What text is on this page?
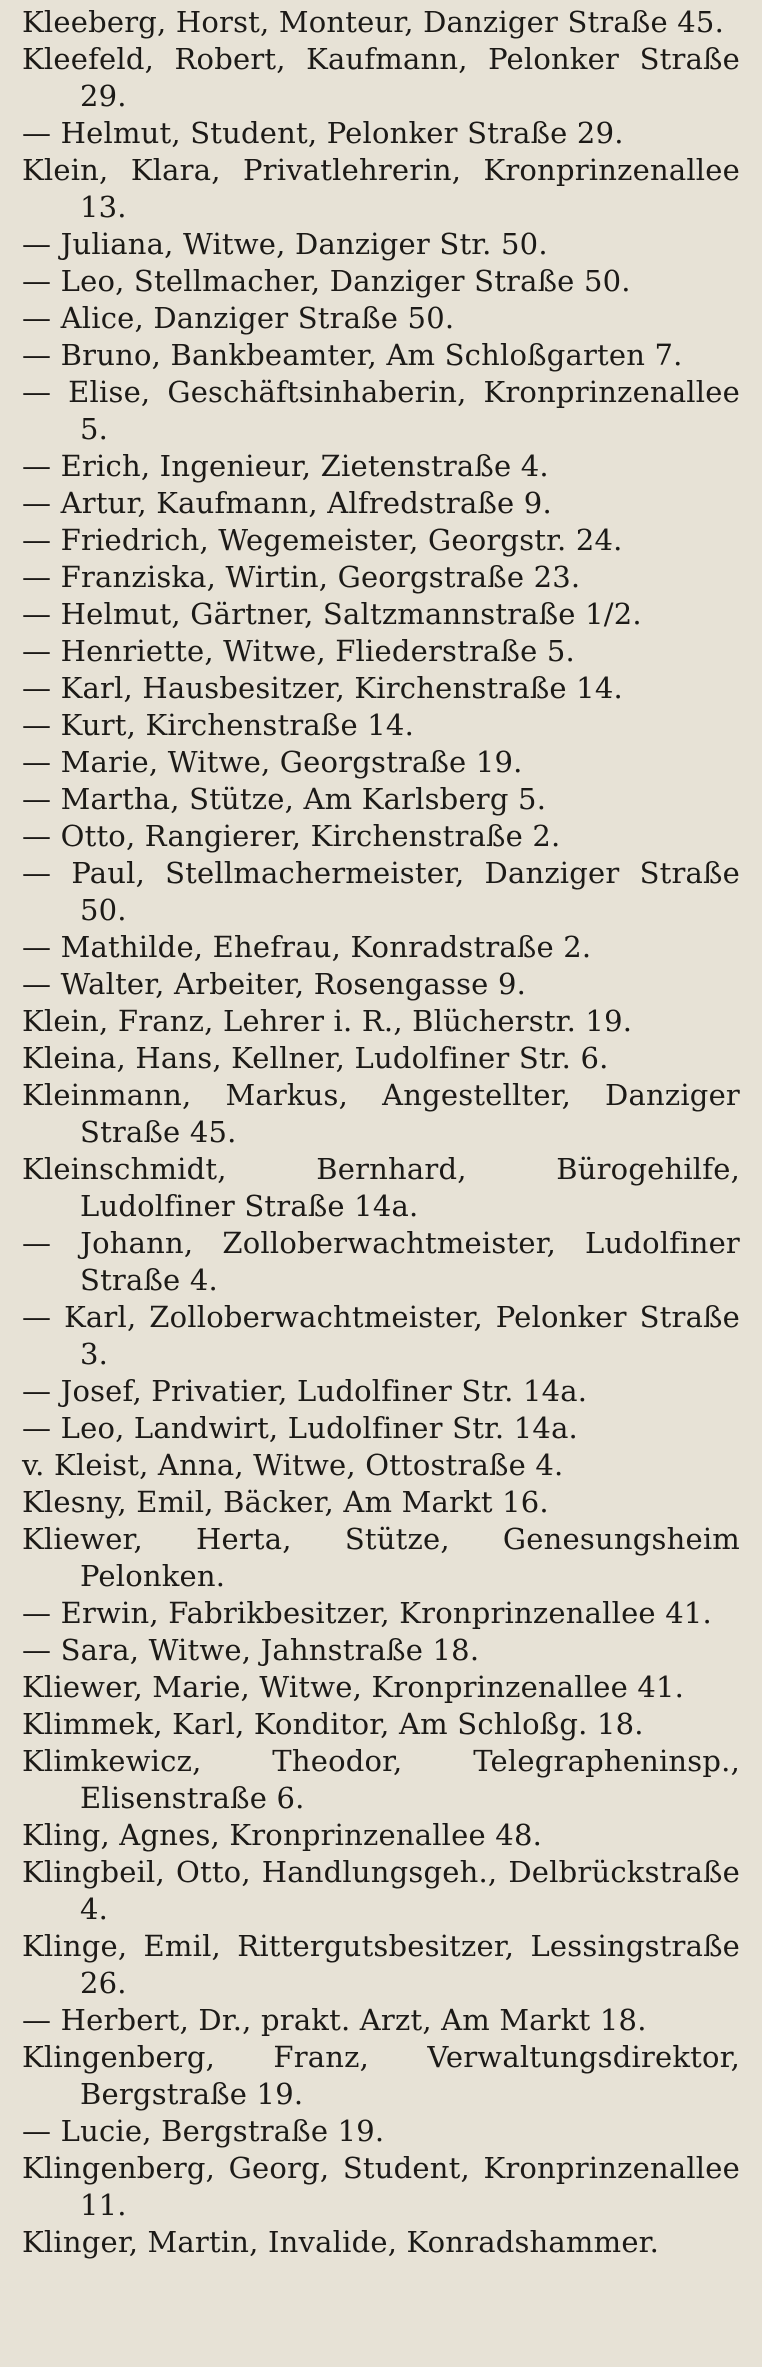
Kleeberg, Horst, Monteur, Danziger Straße 45.
Kleefeld, Robert, Kaufmann, Pelonker Straße 29.
— Helmut, Student, Pelonker Straße 29.
Klein, Klara, Privatlehrerin, Kronprinzenallee 13.
— Juliana, Witwe, Danziger Str. 50.
— Leo, Stellmacher, Danziger Straße 50.
— Alice, Danziger Straße 50.
— Bruno, Bankbeamter, Am Schloßgarten 7.
— Elise, Geschäftsinhaberin, Kronprinzenallee 5.
— Erich, Ingenieur, Zietenstraße 4.
— Artur, Kaufmann, Alfredstraße 9.
— Friedrich, Wegemeister, Georgstr. 24.
— Franziska, Wirtin, Georgstraße 23.
— Helmut, Gärtner, Saltzmannstraße 1/2.
— Henriette, Witwe, Fliederstraße 5.
— Karl, Hausbesitzer, Kirchenstraße 14.
— Kurt, Kirchenstraße 14.
— Marie, Witwe, Georgstraße 19.
— Martha, Stütze, Am Karlsberg 5.
— Otto, Rangierer, Kirchenstraße 2.
— Paul, Stellmachermeister, Danziger Straße 50.
— Mathilde, Ehefrau, Konradstraße 2.
— Walter, Arbeiter, Rosengasse 9.
Klein, Franz, Lehrer i. R., Blücherstr. 19.
Kleina, Hans, Kellner, Ludolfiner Str. 6.
Kleinmann, Markus, Angestellter, Danziger Straße 45.
Kleinschmidt, Bernhard, Bürogehilfe, Ludolfiner Straße 14a.
— Johann, Zolloberwachtmeister, Ludolfiner Straße 4.
— Karl, Zolloberwachtmeister, Pelonker Straße 3.
— Josef, Privatier, Ludolfiner Str. 14a.
— Leo, Landwirt, Ludolfiner Str. 14a.
v. Kleist, Anna, Witwe, Ottostraße 4.
Klesny, Emil, Bäcker, Am Markt 16.
Kliewer, Herta, Stütze, Genesungsheim Pelonken.
— Erwin, Fabrikbesitzer, Kronprinzenallee 41.
— Sara, Witwe, Jahnstraße 18.
Kliewer, Marie, Witwe, Kronprinzenallee 41.
Klimmek, Karl, Konditor, Am Schloßg. 18.
Klimkewicz, Theodor, Telegrapheninsp., Elisenstraße 6.
Kling, Agnes, Kronprinzenallee 48.
Klingbeil, Otto, Handlungsgeh., Delbrückstraße 4.
Klinge, Emil, Rittergutsbesitzer, Lessingstraße 26.
— Herbert, Dr., prakt. Arzt, Am Markt 18.
Klingenberg, Franz, Verwaltungsdirektor, Bergstraße 19.
— Lucie, Bergstraße 19.
Klingenberg, Georg, Student, Kronprinzenallee 11.
Klinger, Martin, Invalide, Konradshammer.
